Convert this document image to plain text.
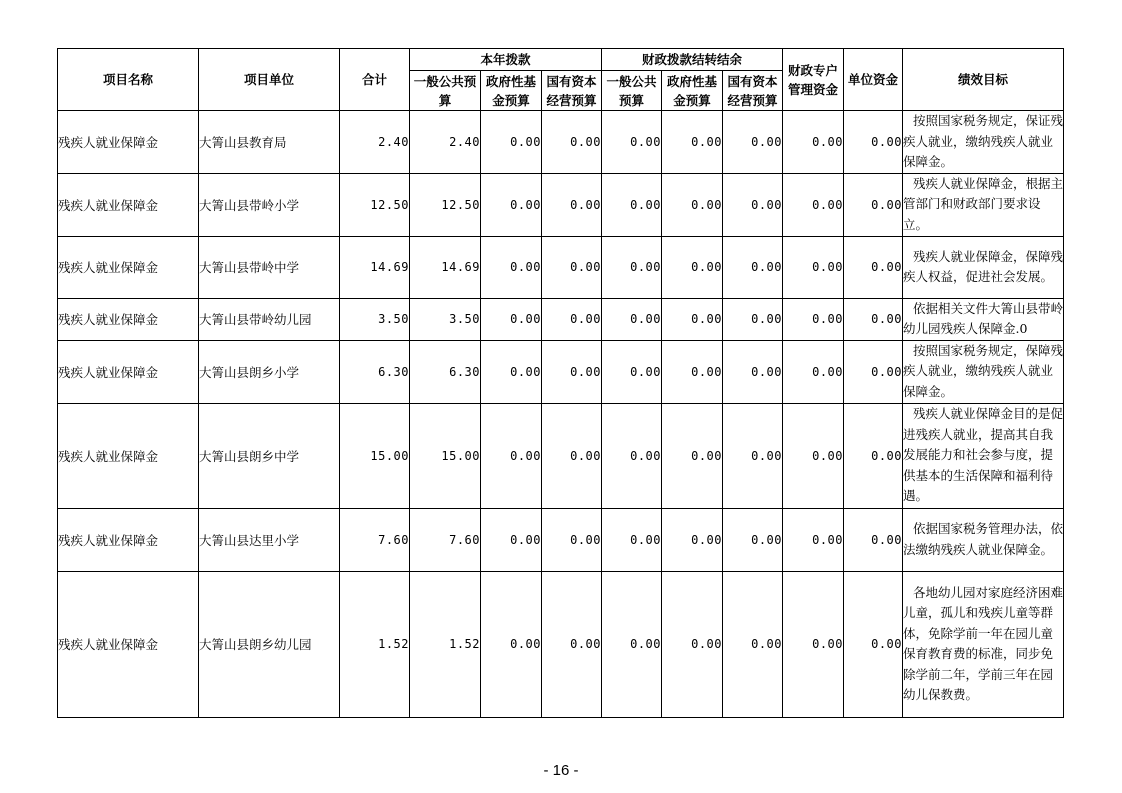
项目名称	项目单位	合计	本年拨款			财政拨款结转结余			财政专户管理资金	单位资金	绩效目标
			一般公共预算	政府性基金预算	国有资本经营预算	一般公共预算	政府性基金预算	国有资本经营预算			
残疾人就业保障金	大箐山县教育局	2.40	2.40	0.00	0.00	0.00	0.00	0.00	0.00	0.00	按照国家税务规定，保证残疾人就业，缴纳残疾人就业保障金。
残疾人就业保障金	大箐山县带岭小学	12.50	12.50	0.00	0.00	0.00	0.00	0.00	0.00	0.00	残疾人就业保障金，根据主管部门和财政部门要求设立。
残疾人就业保障金	大箐山县带岭中学	14.69	14.69	0.00	0.00	0.00	0.00	0.00	0.00	0.00	残疾人就业保障金，保障残疾人权益，促进社会发展。
残疾人就业保障金	大箐山县带岭幼儿园	3.50	3.50	0.00	0.00	0.00	0.00	0.00	0.00	0.00	依据相关文件大箐山县带岭幼儿园残疾人保障金.0
残疾人就业保障金	大箐山县朗乡小学	6.30	6.30	0.00	0.00	0.00	0.00	0.00	0.00	0.00	按照国家税务规定，保障残疾人就业，缴纳残疾人就业保障金。
残疾人就业保障金	大箐山县朗乡中学	15.00	15.00	0.00	0.00	0.00	0.00	0.00	0.00	0.00	残疾人就业保障金目的是促进残疾人就业，提高其自我发展能力和社会参与度，提供基本的生活保障和福利待遇。
残疾人就业保障金	大箐山县达里小学	7.60	7.60	0.00	0.00	0.00	0.00	0.00	0.00	0.00	依据国家税务管理办法，依法缴纳残疾人就业保障金。
残疾人就业保障金	大箐山县朗乡幼儿园	1.52	1.52	0.00	0.00	0.00	0.00	0.00	0.00	0.00	各地幼儿园对家庭经济困难儿童，孤儿和残疾儿童等群体，免除学前一年在园儿童保育教育费的标准，同步免除学前二年，学前三年在园幼儿保教费。
- 16 -
